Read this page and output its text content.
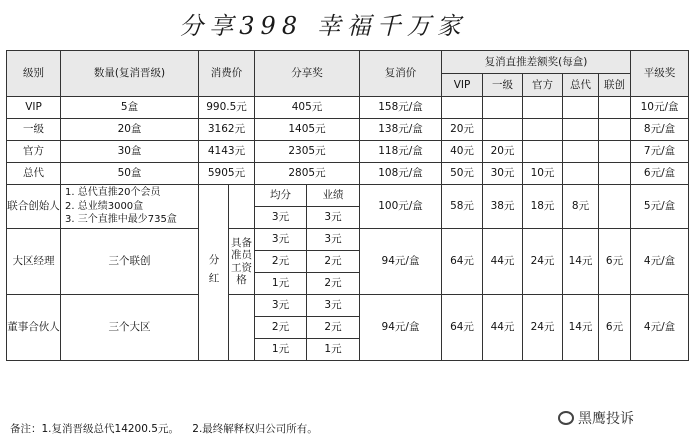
分享398 幸福千万家
级别	数量(复消晋级)	消费价		分享奖		复消价	复消直推差额奖(每盒)					平级奖
							VIP	一级	官方	总代	联创	
VIP	5盒	990.5元		405元		158元/盒						10元/盒
一级	20盒	3162元		1405元		138元/盒	20元					8元/盒
官方	30盒	4143元		2305元		118元/盒	40元	20元				7元/盒
总代	50盒	5905元		2805元		108元/盒	50元	30元	10元			6元/盒
联合创始人	1. 总代直推20个会员
2. 总业绩3000盒
3. 三个直推中最少735盒	分红		均分	业绩	100元/盒	58元	38元	18元	8元		5元/盒
				3元	3元							
大区经理	三个联创		具备准员工资格	3元	3元	94元/盒	64元	44元	24元	14元	6元	4元/盒
				2元	2元							
				1元	2元							
董事合伙人	三个大区			3元	3元	94元/盒	64元	44元	24元	14元	6元	4元/盒
				2元	2元							
				1元	1元							
备注：1.复消晋级总代14200.5元。    2.最终解释权归公司所有。
黑鹰投诉
